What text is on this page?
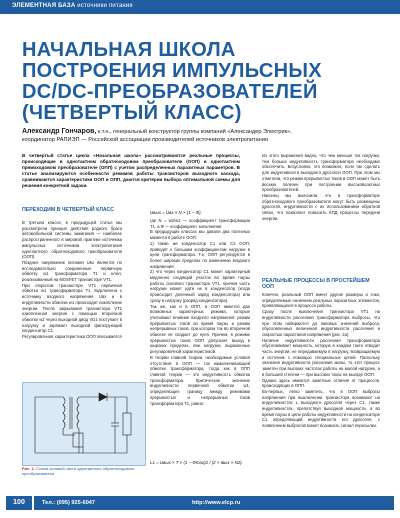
ЭЛЕМЕНТНАЯ БАЗА источники питания
НАЧАЛЬНАЯ ШКОЛА ПОСТРОЕНИЯ ИМПУЛЬСНЫХ DC/DC-ПРЕОБРАЗОВАТЕЛЕЙ (ЧЕТВЕРТЫЙ КЛАСС)
Александр Гончаров, к.т.н., генеральный конструктор группы компаний «Александер Электрик»,
координатор РАПИЭП — Российской ассоциации производителей источников электропитания
В четвертый статье цикла «Начальная школа» рассматриваются реальные процессы, происходящие в однотактном обратноходовом преобразователе (ООП) и однотактном прямоходовом преобразователе (ОПП) с учетом распределенных паразитных параметров. В статье анализируются особенности режимов работы транзисторов выходного каскада, сравниваются характеристики ООП и ОПП, даются критерии выбора оптимальной схемы для решения конкретной задачи.
ПЕРЕХОДИМ В ЧЕТВЕРТЫЙ КЛАСС
В третьем классе, в предыдущей статье мы рассмотрели принцип действия родного брата автомобильной системы зажигания — наиболее распространенного в мировой практике источника импульсных источников электропитания однотактного обратноходового преобразователя (ООП).
Позднее напряжение питания Uвх является по исследовательно соединенные первичную обмотку w1 трансформатора T1 и ключ, реализованный на MOSFET транзисторе VT1.
При открытом транзисторе VT1 первичная обмотка w1 трансформатора T1 подключена к источнику входного напряжения Uвх и в индуктивности обмотки w1 происходит накопление энергии. После закрывания транзистора VT1 накопленная энергия с помощью вторичной обмотки w2 через выходной диод VD1 поступает в нагрузку и заряжает выходной фильтрующий конденсатор C1.
Регулировочная характеристика ООП описывается
Рис. 1. Схема силовой части однотактного обратноходового преобразователя
Uвых = Uвх × N × (1 − Ф),
где N = w2/w1 — коэффициент трансформации T1, а Ф — коэффициент заполнения.
В предыдущих классах мы давали два полезных момента в работе ООП:
1) также же конденсатор C1 или C2 ООП, приводят к большим коэффициентам нагрузки в цепи трансформатора. Т.е. ООП регулируется в более широких пределах по изменению входного напряжения;
2) что через конденсатор C1 может характерный медленно сходящий участок во время паузы работы силового транзистора VT1, причем часть нагрузки может идти не в конденсатор (когда происходит деленный заряд конденсатора) или сразу в нагрузку (разряд конденсатора).
Так же, как и в ОПП, в ООП имеется два возможных характерных режима, которые учитывают влияние входного напряжения: режим прерывистых токов во время паузы и режим непрерывных токов, при котором ток во вторичной обмотке не спадает до нуля. Причем, в режиме прерывистых токов ООП допускает выход в широких пределах, вне нагрузки, выраженных регулировочной характеристикой.
В теории главной теории, необходимые условия отсутствия: в ООП — ток намагничивающей обмотки трансформатора, тогда как в ОПП главной теории — это индуктивность обмотки трансформатора. Критическое значение индуктивности первичной обмотки w1, определяющее границу между режимами прерывистых и непрерывных токов трансформатора T1, равно:
L1 = Uвых × T × (1 − Фmax)2 / (2 × Iвых × N2).
Из этого выражения видно, что чем меньше ток нагрузки, тем больше индуктивность трансформатора необходимо обеспечить. Безусловно, это возможно, если так сделать для индуктивности выходного дросселя ООП. При этом мы отметили, что режим прерывистых токов в ООП может быть весьма полезен при построении высоковольтных преобразователей.
Наконец мы выяснили, что в трансформаторе обратноходового преобразователя могут быть размещены дросселя, индуктивности с их использованием обратной связи, что позволяет повысить КПД процессы передачи энергии.
РЕАЛЬНЫЕ ПРОЦЕССЫ В ПРОСТЕЙШЕМ ООП
Конечно, реальный ООП имеет другие размеры и токи, определяемые наличием реальных паразитных элементов, проявляющихся в процессе работы.
Сразу после выключения транзистора VT1 на индуктивности рассеяния трансформатора выбросы, что при этом набираются до пиковых значений выброса, обусловленных величиной индуктивности рассеяния и скоростью нарастания напряжения (рис. 2а).
Наличие индуктивности рассеяния трансформатора обусловливает мощность, которую в каждом такте отводит часть энергии, не передаваемую в нагрузку, возвращаемую в источник с помощью специальных цепей. Поскольку значения индуктивности рассеяния малы, то этот процесс заметен при высоких частотах работы на малой нагрузке, а в большей степени — при высоких токах на выходе ООП.
Однако здесь имеются заметные отличия от процессов, происходящих в ОПП.
Во-первых, легко заметить, что в ООП выбросы напряжения при выключении транзистора возникают на индуктивностях L выходного дросселя через C1, также индуктивностях, препятствуя выходной мощности, а во время паузы в цепи работы индуктивности на конденсаторе C1 определяющий индуктивности его дросселя, с появлением выбросов может возникать сигнал пересылки.
100	Тел.: (095) 925-6047	http://www.elcp.ru
